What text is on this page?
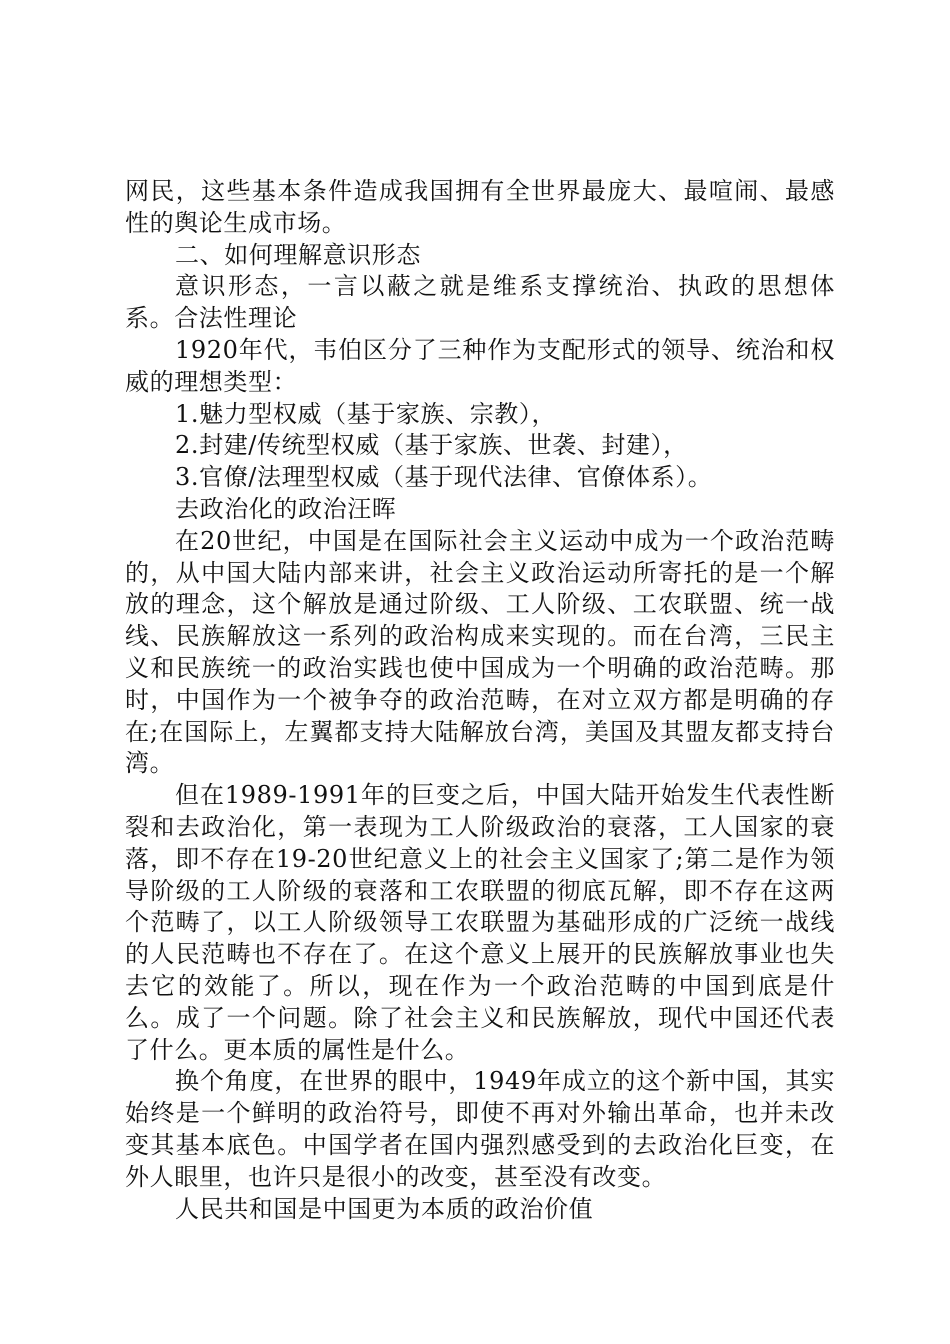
网民，这些基本条件造成我国拥有全世界最庞大、最喧闹、最感性的舆论生成市场。

二、如何理解意识形态

意识形态，一言以蔽之就是维系支撑统治、执政的思想体系。合法性理论

1920年代，韦伯区分了三种作为支配形式的领导、统治和权威的理想类型：

1.魅力型权威（基于家族、宗教），

2.封建/传统型权威（基于家族、世袭、封建），

3.官僚/法理型权威（基于现代法律、官僚体系）。

去政治化的政治汪晖

在20世纪，中国是在国际社会主义运动中成为一个政治范畴的，从中国大陆内部来讲，社会主义政治运动所寄托的是一个解放的理念，这个解放是通过阶级、工人阶级、工农联盟、统一战线、民族解放这一系列的政治构成来实现的。而在台湾，三民主义和民族统一的政治实践也使中国成为一个明确的政治范畴。那时，中国作为一个被争夺的政治范畴，在对立双方都是明确的存在;在国际上，左翼都支持大陆解放台湾，美国及其盟友都支持台湾。

但在1989-1991年的巨变之后，中国大陆开始发生代表性断裂和去政治化，第一表现为工人阶级政治的衰落，工人国家的衰落，即不存在19-20世纪意义上的社会主义国家了;第二是作为领导阶级的工人阶级的衰落和工农联盟的彻底瓦解，即不存在这两个范畴了，以工人阶级领导工农联盟为基础形成的广泛统一战线的人民范畴也不存在了。在这个意义上展开的民族解放事业也失去它的效能了。所以，现在作为一个政治范畴的中国到底是什么。成了一个问题。除了社会主义和民族解放，现代中国还代表了什么。更本质的属性是什么。

换个角度，在世界的眼中，1949年成立的这个新中国，其实始终是一个鲜明的政治符号，即使不再对外输出革命，也并未改变其基本底色。中国学者在国内强烈感受到的去政治化巨变，在外人眼里，也许只是很小的改变，甚至没有改变。

人民共和国是中国更为本质的政治价值
